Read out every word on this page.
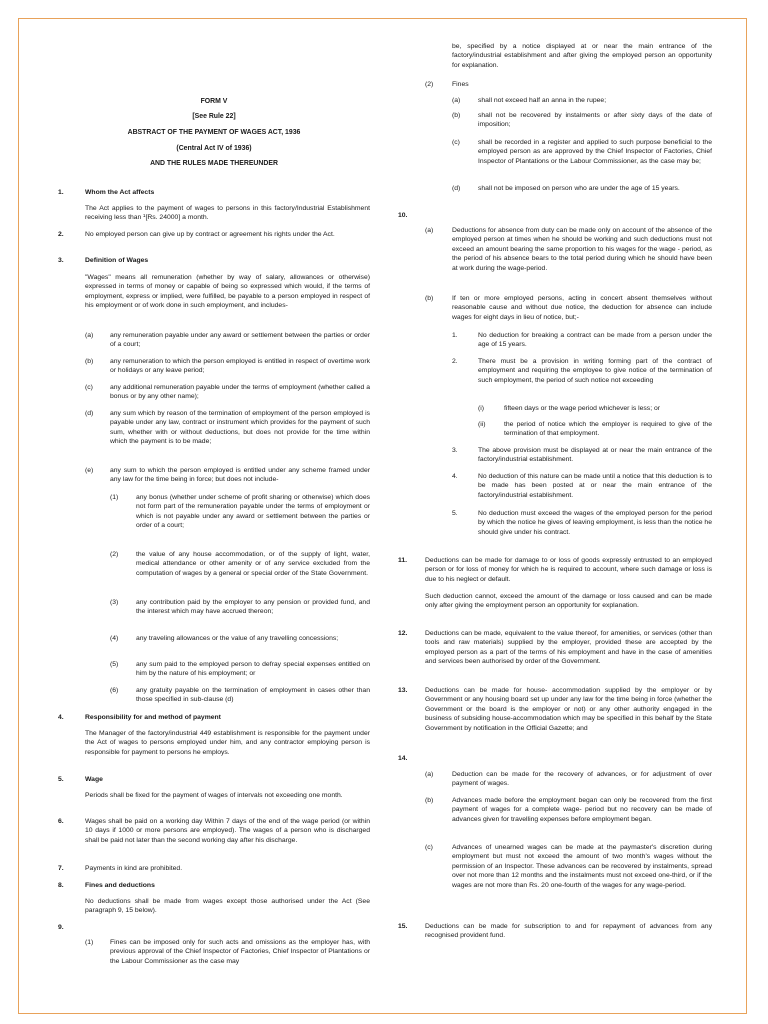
FORM V

[See Rule 22]

ABSTRACT OF THE PAYMENT OF WAGES ACT, 1936

(Central Act IV of 1936)

AND THE RULES MADE THEREUNDER

1.	Whom the Act affects

The Act applies to the payment of wages to persons in this factory/Industrial Establishment receiving less than ¹[Rs. 24000] a month.

2.	No employed person can give up by contract or agreement his rights under the Act.

3.	Definition of Wages

"Wages" means all remuneration (whether by way of salary, allowances or otherwise) expressed in terms of money or capable of being so expressed which would, if the terms of employment, express or implied, were fulfilled, be payable to a person employed in respect of his employment or of work done in such employment, and includes-

(a) any remuneration payable under any award or settlement between the parties or order of a court;

(b) any remuneration to which the person employed is entitled in respect of overtime work or holidays or any leave period;

(c)	any additional remuneration payable under the terms of employment (whether called a bonus or by any other name);

(d) any sum which by reason of the termination of employment of the person employed is payable under any law, contract or instrument which provides for the payment of such sum, whether with or without deductions, but does not provide for the time within which the payment is to be made;

(e) any sum to which the person employed is entitled under any scheme framed under any law for the time being in force; but does not include-

(1)	any bonus (whether under scheme of profit sharing or otherwise) which does not form part of the remuneration payable under the terms of employment or which is not payable under any award or settlement between the parties or order of a court;

(2)	the value of any house accommodation, or of the supply of light, water, medical attendance or other amenity or of any service excluded from the computation of wages by a general or special order of the State Government.

(3)	any contribution paid by the employer to any pension or provided fund, and the interest which may have accrued thereon;

(4)	any traveling allowances or the value of any travelling concessions;

(5)	any sum paid to the employed person to defray special expenses entitled on him by the nature of his employment; or

(6)	any gratuity payable on the termination of employment in cases other than those specified in sub-clause (d)

4.	Responsibility for and method of payment

The Manager of the factory/industrial 449 establishment is responsible for the payment under the Act of wages to persons employed under him, and any contractor employing person is responsible for payment to persons he employs.

5.	Wage

Periods shall be fixed for the payment of wages of intervals not exceeding one month.

6.	Wages shall be paid on a working day Within 7 days of the end of the wage period (or within 10 days if 1000 or more persons are employed). The wages of a person who is discharged shall be paid not later than the second working day after his discharge.

7.	Payments in kind are prohibited.

8.	Fines and deductions

No deductions shall be made from wages except those authorised under the Act (See paragraph 9, 15 below).

9.
(1) Fines can be imposed only for such acts and omissions as the employer has, with previous approval of the Chief Inspector of Factories, Chief Inspector of Plantations or the Labour Commissioner as the case may

be, specified by a notice displayed at or near the main entrance of the factory/industrial establishment and after giving the employed person an opportunity for explanation.

(2)	Fines
(a)	shall not exceed half an anna in the rupee;

(b)	shall not be recovered by instalments or after sixty days of the date of imposition;

(c)	shall be recorded in a register and applied to such purpose beneficial to the employed person as are approved by the Chief Inspector of Factories, Chief Inspector of Plantations or the Labour Commissioner, as the case may be;

(d)	shall not be imposed on person who are under the age of 15 years.

10.
(a)	Deductions for absence from duty can be made only on account of the absence of the employed person at times when he should be working and such deductions must not exceed an amount bearing the same proportion to his wages for the wage - period, as the period of his absence bears to the total period during which he should have been at work during the wage-period.

(b)	If ten or more employed persons, acting in concert absent themselves without reasonable cause and without due notice, the deduction for absence can include wages for eight days in lieu of notice, but;-

1.	No deduction for breaking a contract can be made from a person under the age of 15 years.

2.	There must be a provision in writing forming part of the contract of employment and requiring the employee to give notice of the termination of such employment, the period of such notice not exceeding

(i)	fifteen days or the wage period whichever is less; or

(ii)	the period of notice which the employer is required to give of the termination of that employment.

3.	The above provision must be displayed at or near the main entrance of the factory/industrial establishment.

4.	No deduction of this nature can be made until a notice that this deduction is to be made has been posted at or near the main entrance of the factory/industrial establishment.

5.	No deduction must exceed the wages of the employed person for the period by which the notice he gives of leaving employment, is less than the notice he should give under his contract.

11.	Deductions can be made for damage to or loss of goods expressly entrusted to an employed person or for loss of money for which he is required to account, where such damage or loss is due to his neglect or default.

Such deduction cannot, exceed the amount of the damage or loss caused and can be made only after giving the employment person an opportunity for explanation.

12.	Deductions can be made, equivalent to the value thereof, for amenities, or services (other than tools and raw materials) supplied by the employer, provided these are accepted by the employed person as a part of the terms of his employment and have in the case of amenities and services been authorised by order of the Government.

13.	Deductions can be made for house- accommodation supplied by the employer or by Government or any housing board set up under any law for the time being in force (whether the Government or the board is the employer or not) or any other authority engaged in the business of subsiding house-accommodation which may be specified in this behalf by the State Government by notification in the Official Gazette; and

14.
(a)	Deduction can be made for the recovery of advances, or for adjustment of over payment of wages.

(b)	Advances made before the employment began can only be recovered from the first payment of wages for a complete wage- period but no recovery can be made of advances given for travelling expenses before employment began.

(c)	Advances of unearned wages can be made at the paymaster's discretion during employment but must not exceed the amount of two month's wages without the permission of an Inspector. These advances can be recovered by instalments, spread over not more than 12 months and the instalments must not exceed one-third, or if the wages are not more than Rs. 20 one-fourth of the wages for any wage-period.

15.	Deductions can be made for subscription to and for repayment of advances from any recognised provident fund.
